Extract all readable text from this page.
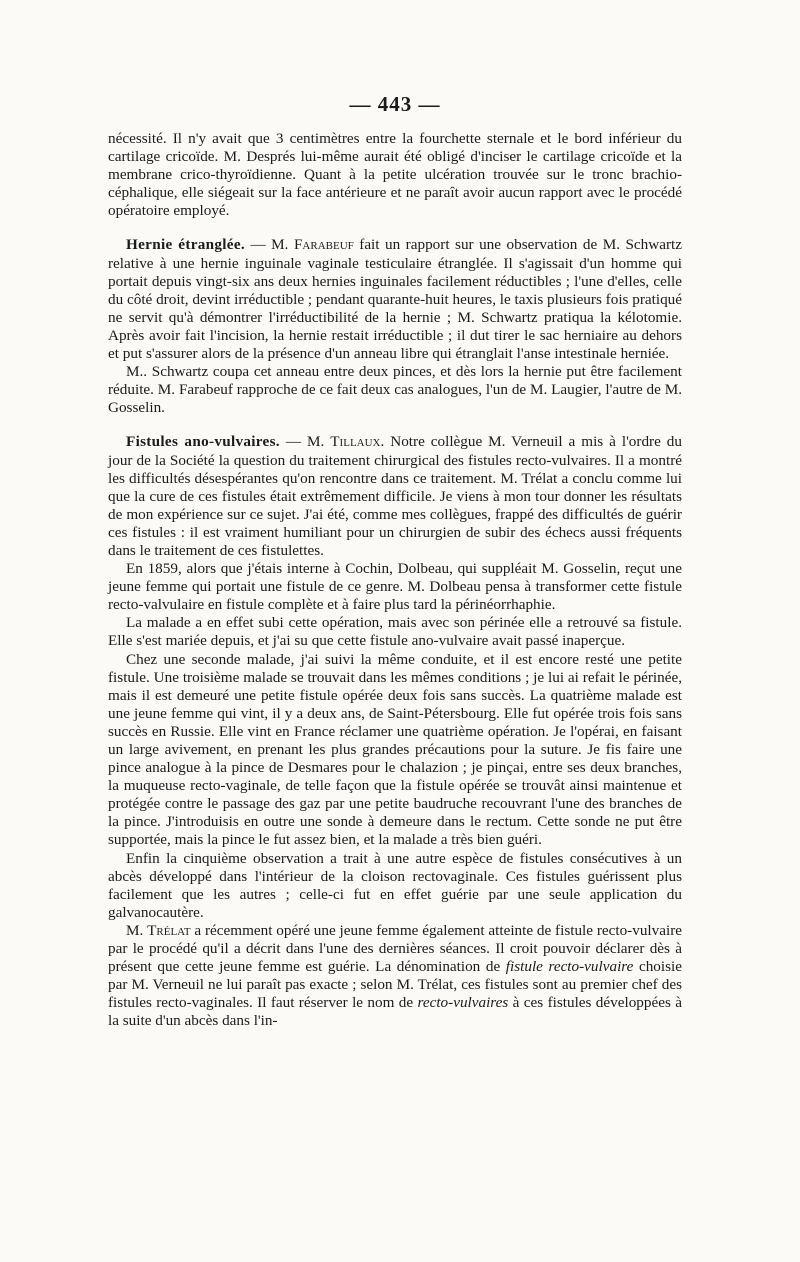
— 443 —

nécessité. Il n'y avait que 3 centimètres entre la fourchette sternale et le bord inférieur du cartilage cricoïde. M. Després lui-même aurait été obligé d'inciser le cartilage cricoïde et la membrane crico-thyroïdienne. Quant à la petite ulcération trouvée sur le tronc brachio-céphalique, elle siégeait sur la face antérieure et ne paraît avoir aucun rapport avec le procédé opératoire employé.

Hernie étranglée. — M. Farabeuf fait un rapport sur une observation de M. Schwartz relative à une hernie inguinale vaginale testiculaire étranglée. Il s'agissait d'un homme qui portait depuis vingt-six ans deux hernies inguinales facilement réductibles ; l'une d'elles, celle du côté droit, devint irréductible ; pendant quarante-huit heures, le taxis plusieurs fois pratiqué ne servit qu'à démontrer l'irréductibilité de la hernie ; M. Schwartz pratiqua la kélotomie. Après avoir fait l'incision, la hernie restait irréductible ; il dut tirer le sac herniaire au dehors et put s'assurer alors de la présence d'un anneau libre qui étranglait l'anse intestinale herniée.

M.. Schwartz coupa cet anneau entre deux pinces, et dès lors la hernie put être facilement réduite. M. Farabeuf rapproche de ce fait deux cas analogues, l'un de M. Laugier, l'autre de M. Gosselin.

Fistules ano-vulvaires. — M. Tillaux. Notre collègue M. Verneuil a mis à l'ordre du jour de la Société la question du traitement chirurgical des fistules recto-vulvaires. Il a montré les difficultés désespérantes qu'on rencontre dans ce traitement. M. Trélat a conclu comme lui que la cure de ces fistules était extrêmement difficile. Je viens à mon tour donner les résultats de mon expérience sur ce sujet. J'ai été, comme mes collègues, frappé des difficultés de guérir ces fistules : il est vraiment humiliant pour un chirurgien de subir des échecs aussi fréquents dans le traitement de ces fistulettes.

En 1859, alors que j'étais interne à Cochin, Dolbeau, qui suppléait M. Gosselin, reçut une jeune femme qui portait une fistule de ce genre. M. Dolbeau pensa à transformer cette fistule recto-valvulaire en fistule complète et à faire plus tard la périnéorrhaphie.

La malade a en effet subi cette opération, mais avec son périnée elle a retrouvé sa fistule. Elle s'est mariée depuis, et j'ai su que cette fistule ano-vulvaire avait passé inaperçue.

Chez une seconde malade, j'ai suivi la même conduite, et il est encore resté une petite fistule. Une troisième malade se trouvait dans les mêmes conditions ; je lui ai refait le périnée, mais il est demeuré une petite fistule opérée deux fois sans succès. La quatrième malade est une jeune femme qui vint, il y a deux ans, de Saint-Pétersbourg. Elle fut opérée trois fois sans succès en Russie. Elle vint en France réclamer une quatrième opération. Je l'opérai, en faisant un large avivement, en prenant les plus grandes précautions pour la suture. Je fis faire une pince analogue à la pince de Desmares pour le chalazion ; je pinçai, entre ses deux branches, la muqueuse recto-vaginale, de telle façon que la fistule opérée se trouvât ainsi maintenue et protégée contre le passage des gaz par une petite baudruche recouvrant l'une des branches de la pince. J'introduisis en outre une sonde à demeure dans le rectum. Cette sonde ne put être supportée, mais la pince le fut assez bien, et la malade a très bien guéri.

Enfin la cinquième observation a trait à une autre espèce de fistules consécutives à un abcès développé dans l'intérieur de la cloison rectovaginale. Ces fistules guérissent plus facilement que les autres ; celle-ci fut en effet guérie par une seule application du galvanocautère.

M. Trélat a récemment opéré une jeune femme également atteinte de fistule recto-vulvaire par le procédé qu'il a décrit dans l'une des dernières séances. Il croit pouvoir déclarer dès à présent que cette jeune femme est guérie. La dénomination de fistule recto-vulvaire choisie par M. Verneuil ne lui paraît pas exacte ; selon M. Trélat, ces fistules sont au premier chef des fistules recto-vaginales. Il faut réserver le nom de recto-vulvaires à ces fistules développées à la suite d'un abcès dans l'in-
